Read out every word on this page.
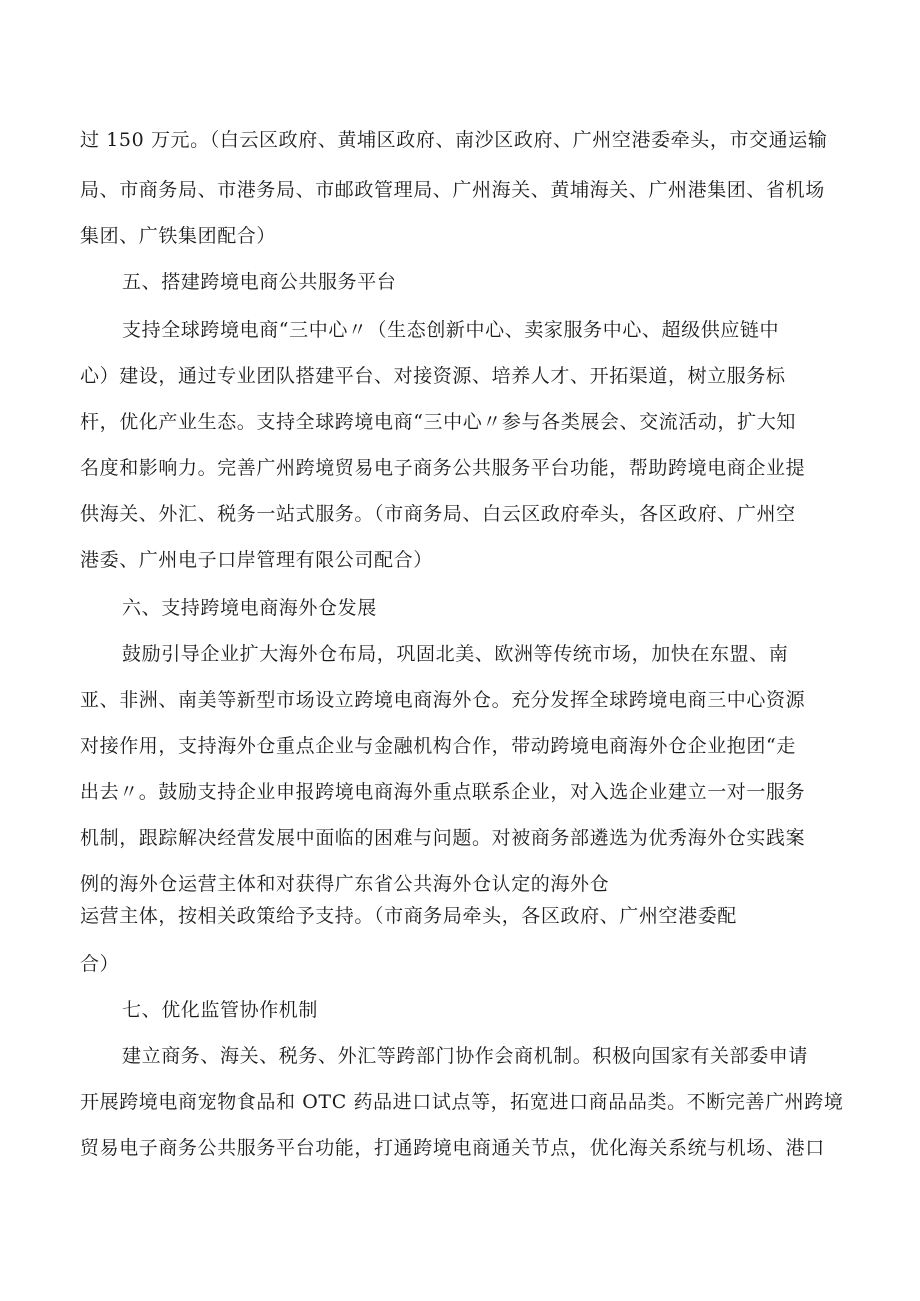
过 150 万元。（白云区政府、黄埔区政府、南沙区政府、广州空港委牵头，市交通运输
局、市商务局、市港务局、市邮政管理局、广州海关、黄埔海关、广州港集团、省机场
集团、广铁集团配合）
五、搭建跨境电商公共服务平台
支持全球跨境电商“三中心〃（生态创新中心、卖家服务中心、超级供应链中
心）建设，通过专业团队搭建平台、对接资源、培养人才、开拓渠道，树立服务标
杆，优化产业生态。支持全球跨境电商“三中心〃参与各类展会、交流活动，扩大知
名度和影响力。完善广州跨境贸易电子商务公共服务平台功能，帮助跨境电商企业提
供海关、外汇、税务一站式服务。（市商务局、白云区政府牵头，各区政府、广州空
港委、广州电子口岸管理有限公司配合）
六、支持跨境电商海外仓发展
鼓励引导企业扩大海外仓布局，巩固北美、欧洲等传统市场，加快在东盟、南
亚、非洲、南美等新型市场设立跨境电商海外仓。充分发挥全球跨境电商三中心资源
对接作用，支持海外仓重点企业与金融机构合作，带动跨境电商海外仓企业抱团“走
出去〃。鼓励支持企业申报跨境电商海外重点联系企业，对入选企业建立一对一服务
机制，跟踪解决经营发展中面临的困难与问题。对被商务部遴选为优秀海外仓实践案
例的海外仓运营主体和对获得广东省公共海外仓认定的海外仓
运营主体，按相关政策给予支持。（市商务局牵头，各区政府、广州空港委配
合）
七、优化监管协作机制
建立商务、海关、税务、外汇等跨部门协作会商机制。积极向国家有关部委申请
开展跨境电商宠物食品和 OTC 药品进口试点等，拓宽进口商品品类。不断完善广州跨境
贸易电子商务公共服务平台功能，打通跨境电商通关节点，优化海关系统与机场、港口
